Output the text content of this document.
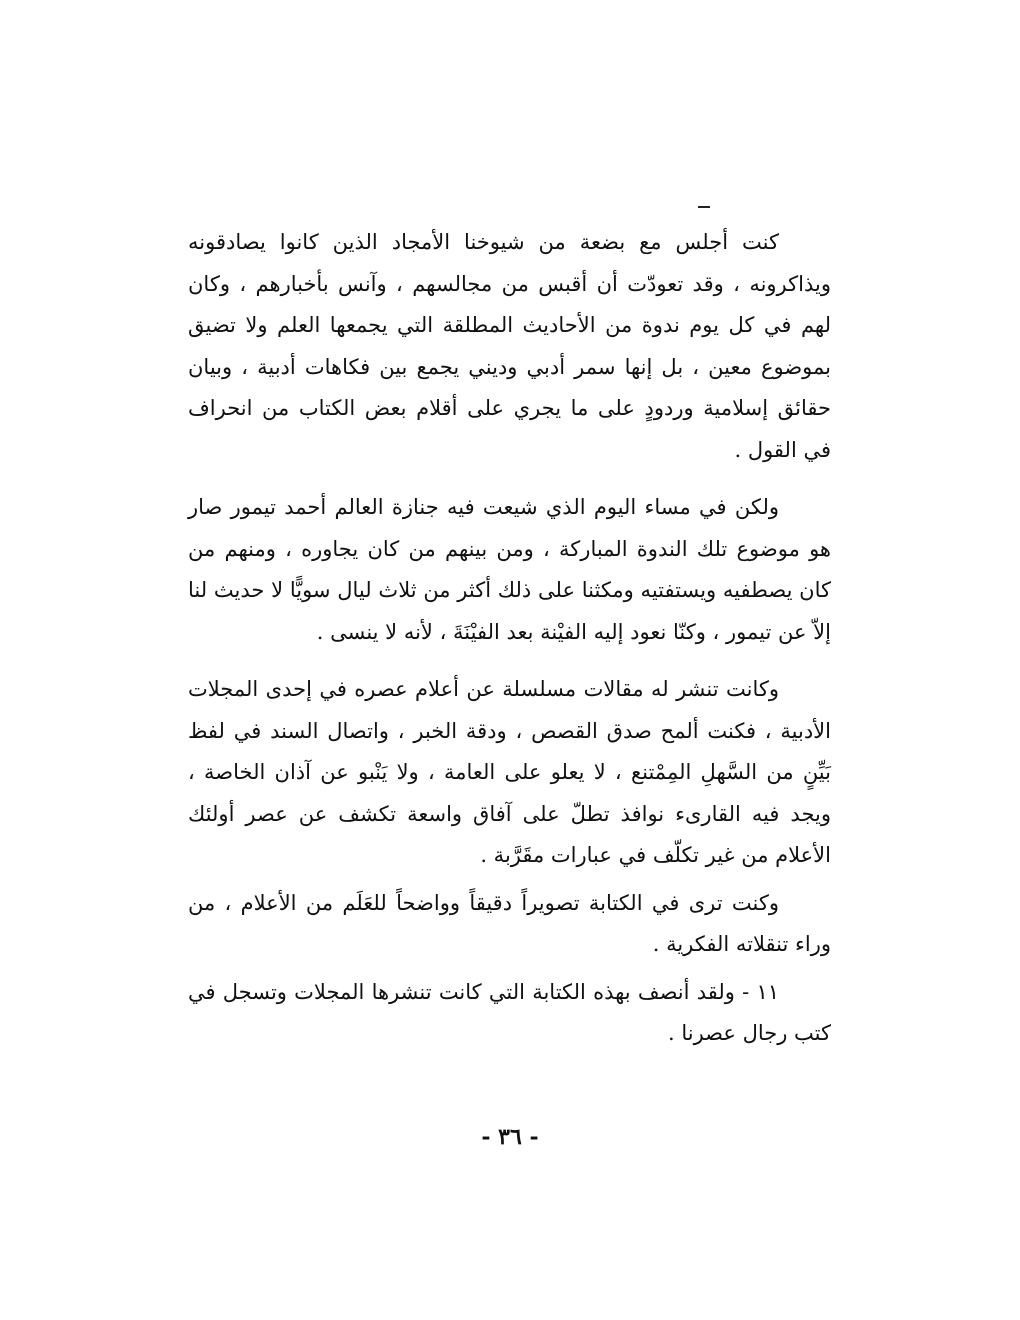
كنت أجلس مع بضعة من شيوخنا الأمجاد الذين كانوا يصادقونه ويذاكرونه ، وقد تعودّت أن أقبس من مجالسهم ، وآنس بأخبارهم ، وكان لهم في كل يوم ندوة من الأحاديث المطلقة التي يجمعها العلم ولا تضيق بموضوع معين ، بل إنها سمر أدبي وديني يجمع بين فكاهات أدبية ، وبيان حقائق إسلامية وردودٍ على ما يجري على أقلام بعض الكتاب من انحراف في القول .

ولكن في مساء اليوم الذي شيعت فيه جنازة العالم أحمد تيمور صار هو موضوع تلك الندوة المباركة ، ومن بينهم من كان يجاوره ، ومنهم من كان يصطفيه ويستفتيه ومكثنا على ذلك أكثر من ثلاث ليال سويًّا لا حديث لنا إلاّ عن تيمور ، وكنّا نعود إليه الفيْنة بعد الفيْنَةَ ، لأنه لا ينسى .

وكانت تنشر له مقالات مسلسلة عن أعلام عصره في إحدى المجلات الأدبية ، فكنت ألمح صدق القصص ، ودقة الخبر ، واتصال السند في لفظ بَيِّنٍ من السَّهلِ المِمْتنع ، لا يعلو على العامة ، ولا يَنْبو عن آذان الخاصة ، ويجد فيه القارىء نوافذ تطلّ على آفاق واسعة تكشف عن عصر أولئك الأعلام من غير تكلّف في عبارات مقَرَّبة .

وكنت ترى في الكتابة تصويراً دقيقاً وواضحاً للعَلَم من الأعلام ، من وراء تنقلاته الفكرية .

١١ - ولقد أنصف بهذه الكتابة التي كانت تنشرها المجلات وتسجل في كتب رجال عصرنا .

- ٣٦ -
